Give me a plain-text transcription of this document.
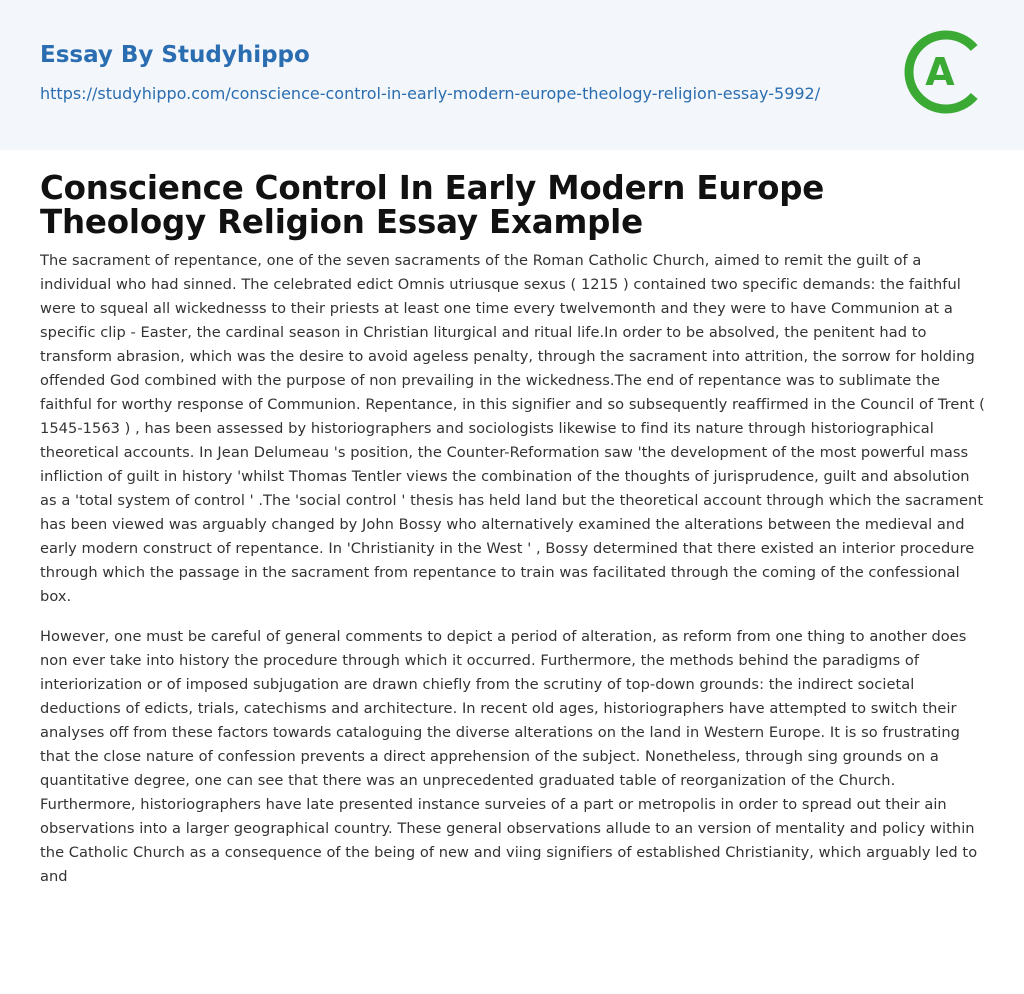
Essay By Studyhippo
https://studyhippo.com/conscience-control-in-early-modern-europe-theology-religion-essay-5992/	A
Conscience Control In Early Modern Europe Theology Religion Essay Example

The sacrament of repentance, one of the seven sacraments of the Roman Catholic Church, aimed to remit the guilt of a individual who had sinned. The celebrated edict Omnis utriusque sexus ( 1215 ) contained two specific demands: the faithful were to squeal all wickednesss to their priests at least one time every twelvemonth and they were to have Communion at a specific clip - Easter, the cardinal season in Christian liturgical and ritual life.In order to be absolved, the penitent had to transform abrasion, which was the desire to avoid ageless penalty, through the sacrament into attrition, the sorrow for holding offended God combined with the purpose of non prevailing in the wickedness.The end of repentance was to sublimate the faithful for worthy response of Communion. Repentance, in this signifier and so subsequently reaffirmed in the Council of Trent ( 1545-1563 ) , has been assessed by historiographers and sociologists likewise to find its nature through historiographical theoretical accounts. In Jean Delumeau 's position, the Counter-Reformation saw 'the development of the most powerful mass infliction of guilt in history 'whilst Thomas Tentler views the combination of the thoughts of jurisprudence, guilt and absolution as a 'total system of control ' .The 'social control ' thesis has held land but the theoretical account through which the sacrament has been viewed was arguably changed by John Bossy who alternatively examined the alterations between the medieval and early modern construct of repentance. In 'Christianity in the West ' , Bossy determined that there existed an interior procedure through which the passage in the sacrament from repentance to train was facilitated through the coming of the confessional box.

However, one must be careful of general comments to depict a period of alteration, as reform from one thing to another does non ever take into history the procedure through which it occurred. Furthermore, the methods behind the paradigms of interiorization or of imposed subjugation are drawn chiefly from the scrutiny of top-down grounds: the indirect societal deductions of edicts, trials, catechisms and architecture. In recent old ages, historiographers have attempted to switch their analyses off from these factors towards cataloguing the diverse alterations on the land in Western Europe. It is so frustrating that the close nature of confession prevents a direct apprehension of the subject. Nonetheless, through sing grounds on a quantitative degree, one can see that there was an unprecedented graduated table of reorganization of the Church. Furthermore, historiographers have late presented instance surveies of a part or metropolis in order to spread out their ain observations into a larger geographical country. These general observations allude to an version of mentality and policy within the Catholic Church as a consequence of the being of new and viing signifiers of established Christianity, which arguably led to and
